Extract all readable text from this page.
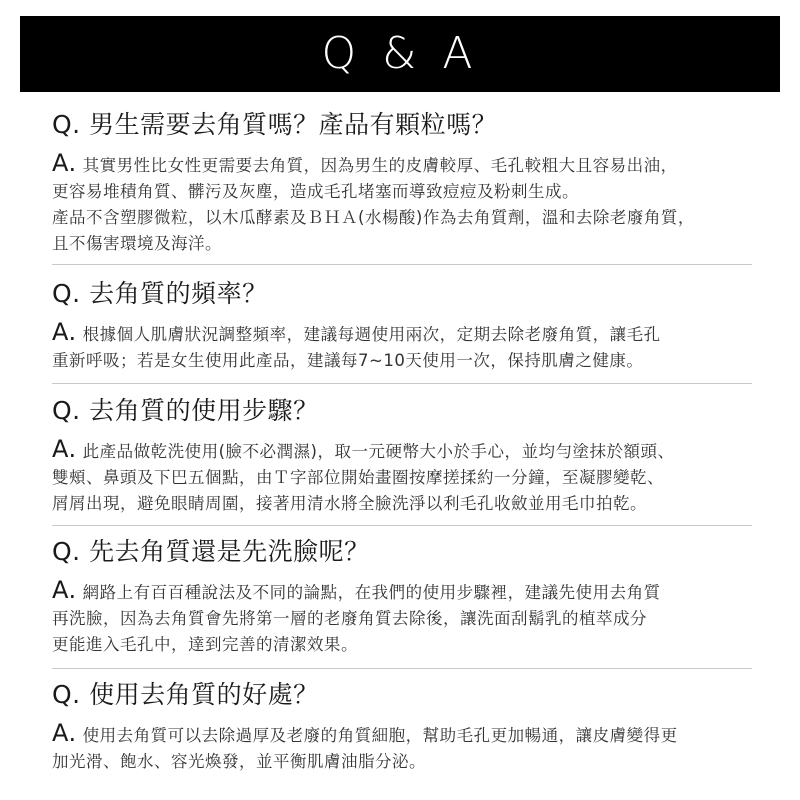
Q & A
Q. 男生需要去角質嗎？產品有顆粒嗎？

A. 其實男性比女性更需要去角質，因為男生的皮膚較厚、毛孔較粗大且容易出油，

更容易堆積角質、髒污及灰塵，造成毛孔堵塞而導致痘痘及粉刺生成。

產品不含塑膠微粒，以木瓜酵素及ＢＨＡ(水楊酸)作為去角質劑，溫和去除老廢角質，

且不傷害環境及海洋。

Q. 去角質的頻率？

A. 根據個人肌膚狀況調整頻率，建議每週使用兩次，定期去除老廢角質，讓毛孔

重新呼吸；若是女生使用此產品，建議每7~10天使用一次，保持肌膚之健康。

Q. 去角質的使用步驟？

A. 此產品做乾洗使用(臉不必潤濕)，取一元硬幣大小於手心，並均勻塗抹於額頭、

雙頰、鼻頭及下巴五個點，由Ｔ字部位開始畫圈按摩搓揉約一分鐘，至凝膠變乾、

屑屑出現，避免眼睛周圍，接著用清水將全臉洗淨以利毛孔收斂並用毛巾拍乾。

Q. 先去角質還是先洗臉呢？

A. 網路上有百百種說法及不同的論點，在我們的使用步驟裡，建議先使用去角質

再洗臉，因為去角質會先將第一層的老廢角質去除後，讓洗面刮鬍乳的植萃成分

更能進入毛孔中，達到完善的清潔效果。

Q. 使用去角質的好處？

A. 使用去角質可以去除過厚及老廢的角質細胞，幫助毛孔更加暢通，讓皮膚變得更

加光滑、飽水、容光煥發，並平衡肌膚油脂分泌。
